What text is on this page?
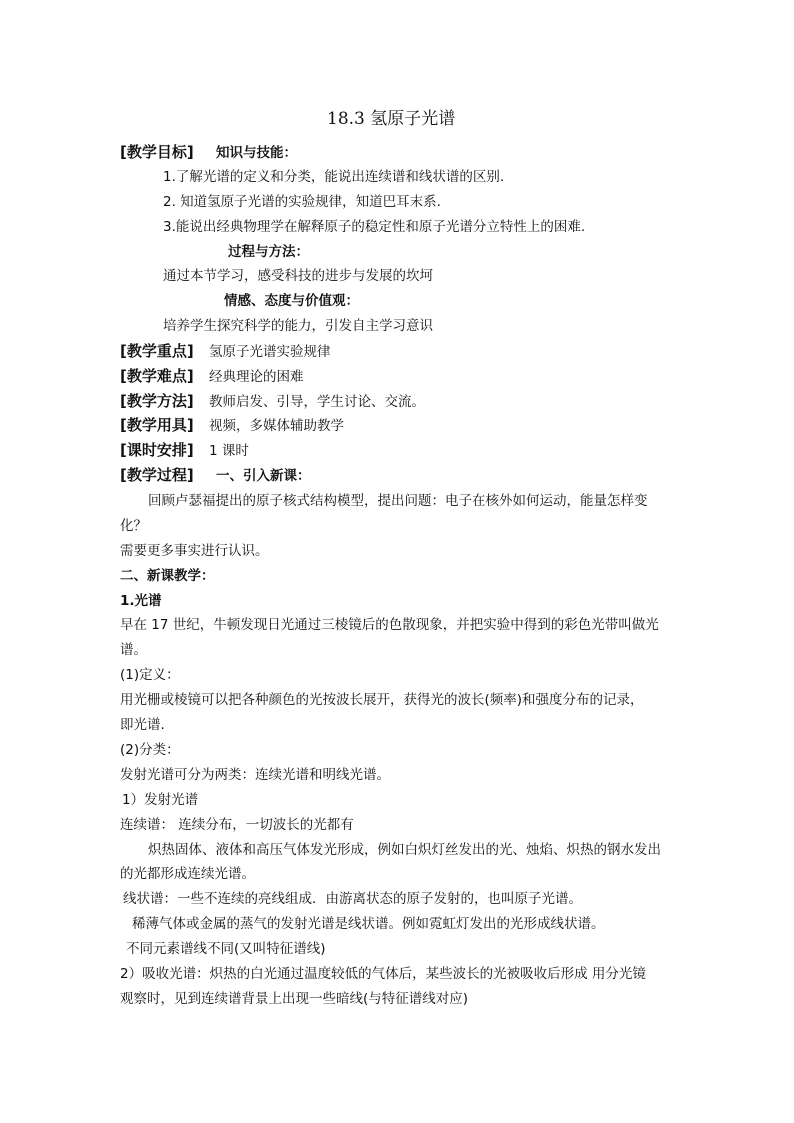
18.3 氢原子光谱
[教学目标] 知识与技能：
1.了解光谱的定义和分类，能说出连续谱和线状谱的区别.
2. 知道氢原子光谱的实验规律，知道巴耳末系.
3.能说出经典物理学在解释原子的稳定性和原子光谱分立特性上的困难.
过程与方法：
通过本节学习，感受科技的进步与发展的坎坷
情感、态度与价值观：
培养学生探究科学的能力，引发自主学习意识
[教学重点] 氢原子光谱实验规律
[教学难点] 经典理论的困难
[教学方法] 教师启发、引导，学生讨论、交流。
[教学用具] 视频，多媒体辅助教学
[课时安排] 1 课时
[教学过程] 一、引入新课：
回顾卢瑟福提出的原子核式结构模型，提出问题：电子在核外如何运动，能量怎样变
化？
需要更多事实进行认识。
二、新课教学：
1.光谱
早在 17 世纪，牛顿发现日光通过三棱镜后的色散现象，并把实验中得到的彩色光带叫做光
谱。
(1)定义：
用光栅或棱镜可以把各种颜色的光按波长展开，获得光的波长(频率)和强度分布的记录，
即光谱.
(2)分类：
发射光谱可分为两类：连续光谱和明线光谱。
1）发射光谱
连续谱： 连续分布，一切波长的光都有
炽热固体、液体和高压气体发光形成，例如白炽灯丝发出的光、烛焰、炽热的钢水发出
的光都形成连续光谱。
线状谱：一些不连续的亮线组成．由游离状态的原子发射的，也叫原子光谱。
稀薄气体或金属的蒸气的发射光谱是线状谱。例如霓虹灯发出的光形成线状谱。
不同元素谱线不同(又叫特征谱线)
2）吸收光谱：炽热的白光通过温度较低的气体后，某些波长的光被吸收后形成 用分光镜
观察时，见到连续谱背景上出现一些暗线(与特征谱线对应)
